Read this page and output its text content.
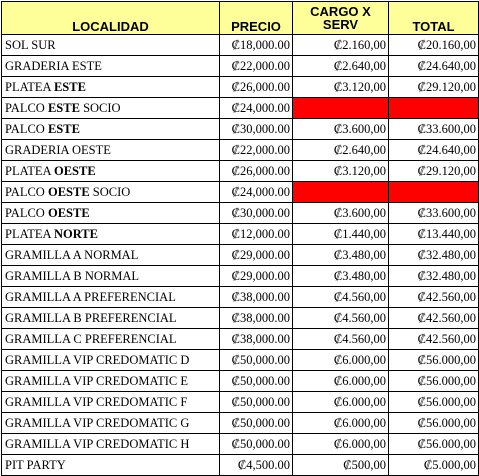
LOCALIDAD	PRECIO	CARGO X SERV	TOTAL
SOL SUR	₡18,000.00	₡2.160,00	₡20.160,00
GRADERIA ESTE	₡22,000.00	₡2.640,00	₡24.640,00
PLATEA ESTE	₡26,000.00	₡3.120,00	₡29.120,00
PALCO ESTE SOCIO	₡24,000.00		
PALCO ESTE	₡30,000.00	₡3.600,00	₡33.600,00
GRADERIA OESTE	₡22,000.00	₡2.640,00	₡24.640,00
PLATEA OESTE	₡26,000.00	₡3.120,00	₡29.120,00
PALCO OESTE SOCIO	₡24,000.00		
PALCO OESTE	₡30,000.00	₡3.600,00	₡33.600,00
PLATEA NORTE	₡12,000.00	₡1.440,00	₡13.440,00
GRAMILLA A NORMAL	₡29,000.00	₡3.480,00	₡32.480,00
GRAMILLA B NORMAL	₡29,000.00	₡3.480,00	₡32.480,00
GRAMILLA A PREFERENCIAL	₡38,000.00	₡4.560,00	₡42.560,00
GRAMILLA B PREFERENCIAL	₡38,000.00	₡4.560,00	₡42.560,00
GRAMILLA C PREFERENCIAL	₡38,000.00	₡4.560,00	₡42.560,00
GRAMILLA VIP CREDOMATIC D	₡50,000.00	₡6.000,00	₡56.000,00
GRAMILLA VIP CREDOMATIC E	₡50,000.00	₡6.000,00	₡56.000,00
GRAMILLA VIP CREDOMATIC F	₡50,000.00	₡6.000,00	₡56.000,00
GRAMILLA VIP CREDOMATIC G	₡50,000.00	₡6.000,00	₡56.000,00
GRAMILLA VIP CREDOMATIC H	₡50,000.00	₡6.000,00	₡56.000,00
PIT PARTY	₡4,500.00	₡500,00	₡5.000,00
